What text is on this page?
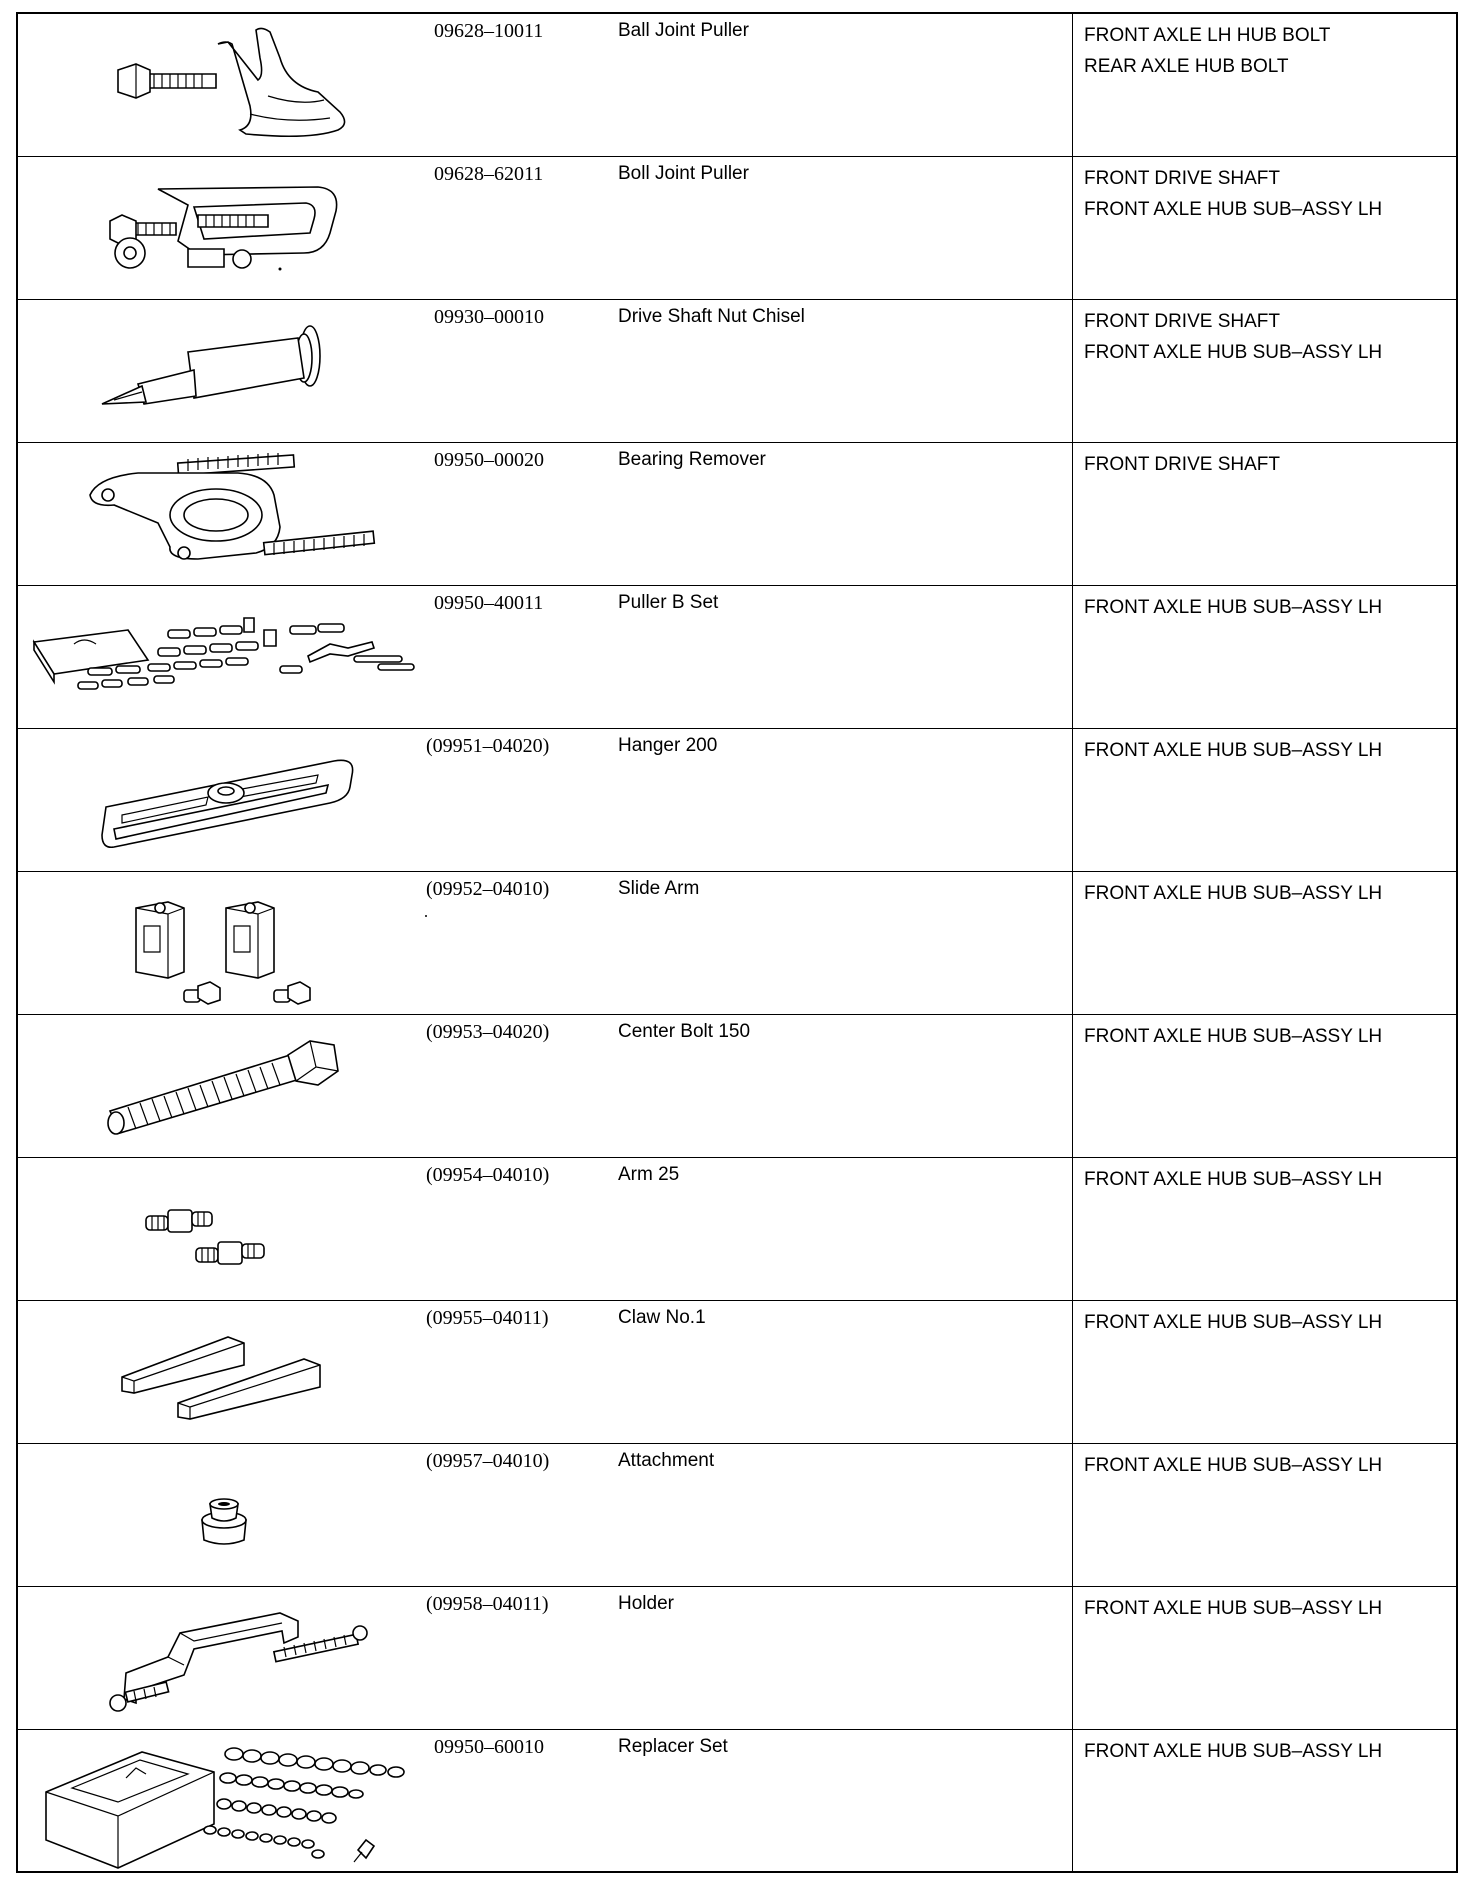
09628–10011	Ball Joint Puller	FRONT AXLE LH HUB BOLT
REAR AXLE HUB BOLT
09628–62011	Boll Joint Puller	FRONT DRIVE SHAFT
FRONT AXLE HUB SUB–ASSY LH
09930–00010	Drive Shaft Nut Chisel	FRONT DRIVE SHAFT
FRONT AXLE HUB SUB–ASSY LH
09950–00020	Bearing Remover	FRONT DRIVE SHAFT
09950–40011	Puller B Set	FRONT AXLE HUB SUB–ASSY LH
(09951–04020)	Hanger 200	FRONT AXLE HUB SUB–ASSY LH
(09952–04010)	Slide Arm	FRONT AXLE HUB SUB–ASSY LH
(09953–04020)	Center Bolt 150	FRONT AXLE HUB SUB–ASSY LH
(09954–04010)	Arm 25	FRONT AXLE HUB SUB–ASSY LH
(09955–04011)	Claw No.1	FRONT AXLE HUB SUB–ASSY LH
(09957–04010)	Attachment	FRONT AXLE HUB SUB–ASSY LH
(09958–04011)	Holder	FRONT AXLE HUB SUB–ASSY LH
09950–60010	Replacer Set	FRONT AXLE HUB SUB–ASSY LH
